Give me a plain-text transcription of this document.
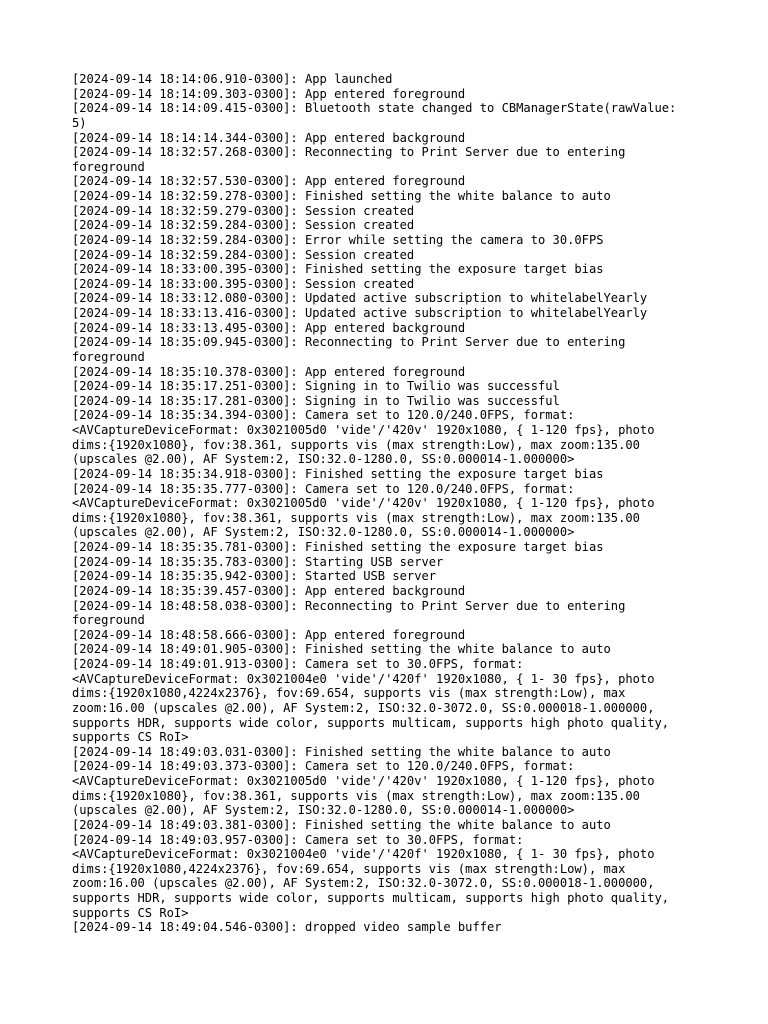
[2024-09-14 18:14:06.910-0300]: App launched

[2024-09-14 18:14:09.303-0300]: App entered foreground

[2024-09-14 18:14:09.415-0300]: Bluetooth state changed to CBManagerState(rawValue:
5)

[2024-09-14 18:14:14.344-0300]: App entered background

[2024-09-14 18:32:57.268-0300]: Reconnecting to Print Server due to entering
foreground

[2024-09-14 18:32:57.530-0300]: App entered foreground

[2024-09-14 18:32:59.278-0300]: Finished setting the white balance to auto

[2024-09-14 18:32:59.279-0300]: Session created

[2024-09-14 18:32:59.284-0300]: Session created

[2024-09-14 18:32:59.284-0300]: Error while setting the camera to 30.0FPS

[2024-09-14 18:32:59.284-0300]: Session created

[2024-09-14 18:33:00.395-0300]: Finished setting the exposure target bias

[2024-09-14 18:33:00.395-0300]: Session created

[2024-09-14 18:33:12.080-0300]: Updated active subscription to whitelabelYearly

[2024-09-14 18:33:13.416-0300]: Updated active subscription to whitelabelYearly

[2024-09-14 18:33:13.495-0300]: App entered background

[2024-09-14 18:35:09.945-0300]: Reconnecting to Print Server due to entering
foreground

[2024-09-14 18:35:10.378-0300]: App entered foreground

[2024-09-14 18:35:17.251-0300]: Signing in to Twilio was successful

[2024-09-14 18:35:17.281-0300]: Signing in to Twilio was successful

[2024-09-14 18:35:34.394-0300]: Camera set to 120.0/240.0FPS, format:
<AVCaptureDeviceFormat: 0x3021005d0 'vide'/'420v' 1920x1080, { 1-120 fps}, photo
dims:{1920x1080}, fov:38.361, supports vis (max strength:Low), max zoom:135.00
(upscales @2.00), AF System:2, ISO:32.0-1280.0, SS:0.000014-1.000000>

[2024-09-14 18:35:34.918-0300]: Finished setting the exposure target bias

[2024-09-14 18:35:35.777-0300]: Camera set to 120.0/240.0FPS, format:
<AVCaptureDeviceFormat: 0x3021005d0 'vide'/'420v' 1920x1080, { 1-120 fps}, photo
dims:{1920x1080}, fov:38.361, supports vis (max strength:Low), max zoom:135.00
(upscales @2.00), AF System:2, ISO:32.0-1280.0, SS:0.000014-1.000000>

[2024-09-14 18:35:35.781-0300]: Finished setting the exposure target bias

[2024-09-14 18:35:35.783-0300]: Starting USB server

[2024-09-14 18:35:35.942-0300]: Started USB server

[2024-09-14 18:35:39.457-0300]: App entered background

[2024-09-14 18:48:58.038-0300]: Reconnecting to Print Server due to entering
foreground

[2024-09-14 18:48:58.666-0300]: App entered foreground

[2024-09-14 18:49:01.905-0300]: Finished setting the white balance to auto

[2024-09-14 18:49:01.913-0300]: Camera set to 30.0FPS, format:
<AVCaptureDeviceFormat: 0x3021004e0 'vide'/'420f' 1920x1080, { 1- 30 fps}, photo
dims:{1920x1080,4224x2376}, fov:69.654, supports vis (max strength:Low), max
zoom:16.00 (upscales @2.00), AF System:2, ISO:32.0-3072.0, SS:0.000018-1.000000,
supports HDR, supports wide color, supports multicam, supports high photo quality,
supports CS RoI>

[2024-09-14 18:49:03.031-0300]: Finished setting the white balance to auto

[2024-09-14 18:49:03.373-0300]: Camera set to 120.0/240.0FPS, format:
<AVCaptureDeviceFormat: 0x3021005d0 'vide'/'420v' 1920x1080, { 1-120 fps}, photo
dims:{1920x1080}, fov:38.361, supports vis (max strength:Low), max zoom:135.00
(upscales @2.00), AF System:2, ISO:32.0-1280.0, SS:0.000014-1.000000>

[2024-09-14 18:49:03.381-0300]: Finished setting the white balance to auto

[2024-09-14 18:49:03.957-0300]: Camera set to 30.0FPS, format:
<AVCaptureDeviceFormat: 0x3021004e0 'vide'/'420f' 1920x1080, { 1- 30 fps}, photo
dims:{1920x1080,4224x2376}, fov:69.654, supports vis (max strength:Low), max
zoom:16.00 (upscales @2.00), AF System:2, ISO:32.0-3072.0, SS:0.000018-1.000000,
supports HDR, supports wide color, supports multicam, supports high photo quality,
supports CS RoI>

[2024-09-14 18:49:04.546-0300]: dropped video sample buffer
